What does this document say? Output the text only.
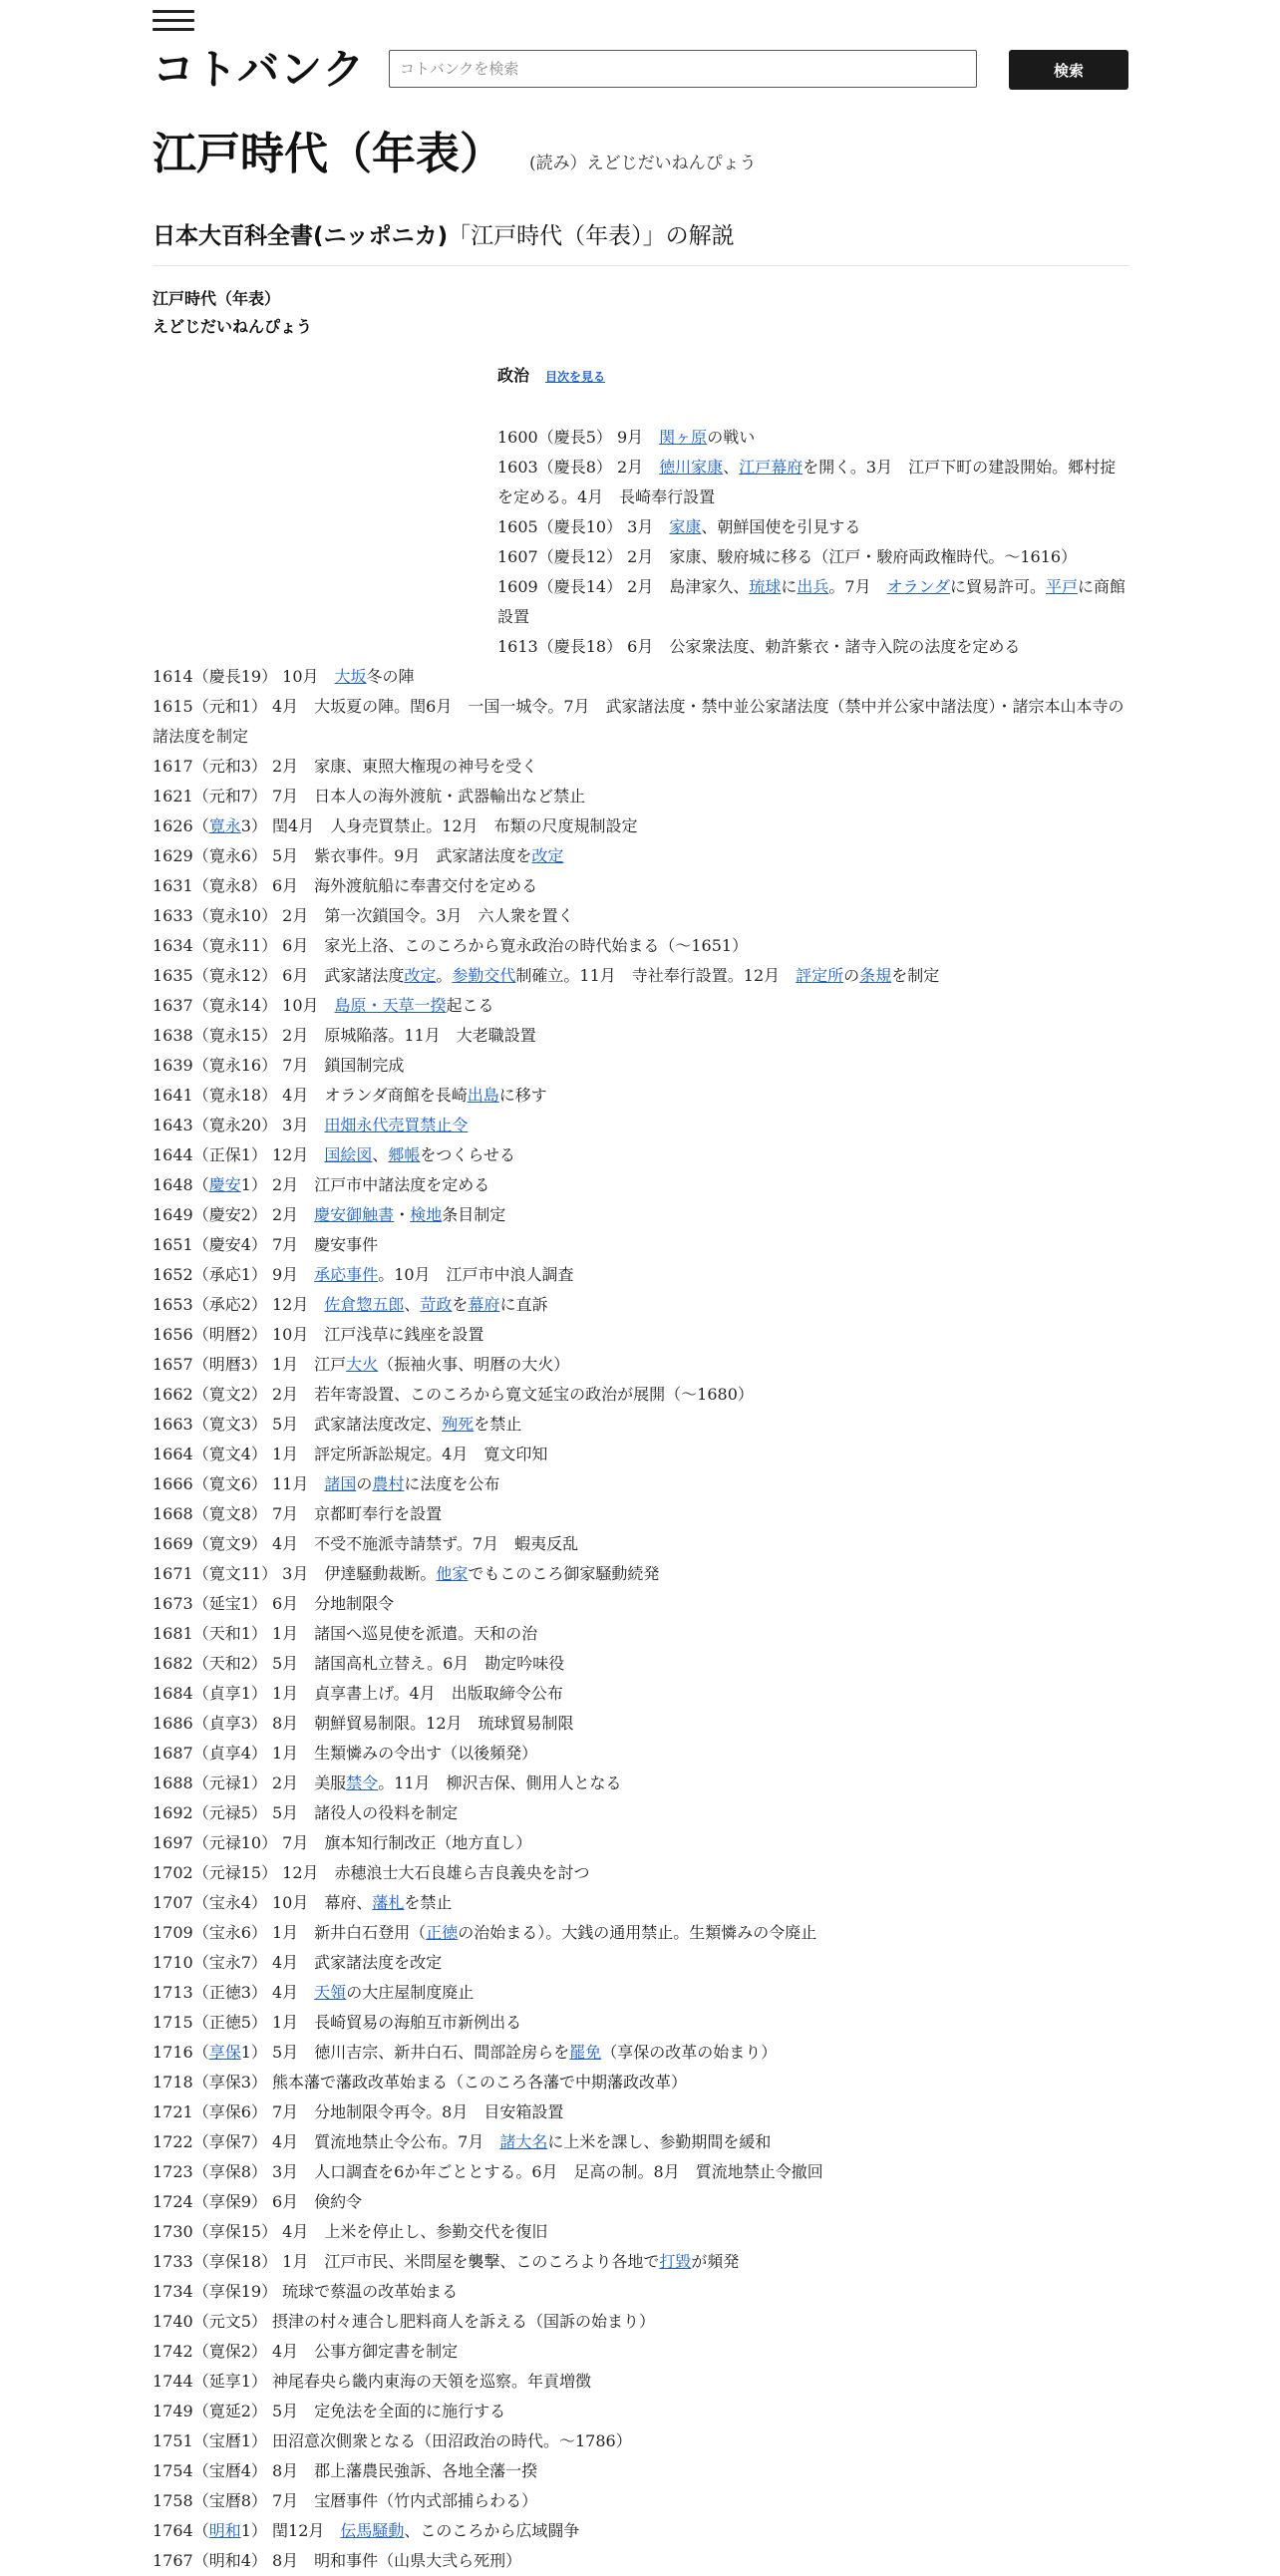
コトバンク
コトバンクを検索	検索
江戸時代（年表） (読み）えどじだいねんぴょう
日本大百科全書(ニッポニカ)「江戸時代（年表）」の解説
江戸時代（年表）
えどじだいねんぴょう
政治 目次を見る
1600（慶長5） 9月　関ヶ原の戦い
1603（慶長8） 2月　徳川家康、江戸幕府を開く。3月　江戸下町の建設開始。郷村掟を定める。4月　長崎奉行設置
1605（慶長10） 3月　家康、朝鮮国使を引見する
1607（慶長12） 2月　家康、駿府城に移る（江戸・駿府両政権時代。～1616）
1609（慶長14） 2月　島津家久、琉球に出兵。7月　オランダに貿易許可。平戸に商館設置
1613（慶長18） 6月　公家衆法度、勅許紫衣・諸寺入院の法度を定める
1614（慶長19） 10月　大坂冬の陣
1615（元和1） 4月　大坂夏の陣。閏6月　一国一城令。7月　武家諸法度・禁中並公家諸法度（禁中并公家中諸法度）・諸宗本山本寺の諸法度を制定
1617（元和3） 2月　家康、東照大権現の神号を受く
1621（元和7） 7月　日本人の海外渡航・武器輸出など禁止
1626（寛永3） 閏4月　人身売買禁止。12月　布類の尺度規制設定
1629（寛永6） 5月　紫衣事件。9月　武家諸法度を改定
1631（寛永8） 6月　海外渡航船に奉書交付を定める
1633（寛永10） 2月　第一次鎖国令。3月　六人衆を置く
1634（寛永11） 6月　家光上洛、このころから寛永政治の時代始まる（～1651）
1635（寛永12） 6月　武家諸法度改定。参勤交代制確立。11月　寺社奉行設置。12月　評定所の条規を制定
1637（寛永14） 10月　島原・天草一揆起こる
1638（寛永15） 2月　原城陥落。11月　大老職設置
1639（寛永16） 7月　鎖国制完成
1641（寛永18） 4月　オランダ商館を長崎出島に移す
1643（寛永20） 3月　田畑永代売買禁止令
1644（正保1） 12月　国絵図、郷帳をつくらせる
1648（慶安1） 2月　江戸市中諸法度を定める
1649（慶安2） 2月　慶安御触書・検地条目制定
1651（慶安4） 7月　慶安事件
1652（承応1） 9月　承応事件。10月　江戸市中浪人調査
1653（承応2） 12月　佐倉惣五郎、苛政を幕府に直訴
1656（明暦2） 10月　江戸浅草に銭座を設置
1657（明暦3） 1月　江戸大火（振袖火事、明暦の大火）
1662（寛文2） 2月　若年寄設置、このころから寛文延宝の政治が展開（～1680）
1663（寛文3） 5月　武家諸法度改定、殉死を禁止
1664（寛文4） 1月　評定所訴訟規定。4月　寛文印知
1666（寛文6） 11月　諸国の農村に法度を公布
1668（寛文8） 7月　京都町奉行を設置
1669（寛文9） 4月　不受不施派寺請禁ず。7月　蝦夷反乱
1671（寛文11） 3月　伊達騒動裁断。他家でもこのころ御家騒動続発
1673（延宝1） 6月　分地制限令
1681（天和1） 1月　諸国へ巡見使を派遣。天和の治
1682（天和2） 5月　諸国高札立替え。6月　勘定吟味役
1684（貞享1） 1月　貞享書上げ。4月　出版取締令公布
1686（貞享3） 8月　朝鮮貿易制限。12月　琉球貿易制限
1687（貞享4） 1月　生類憐みの令出す（以後頻発）
1688（元禄1） 2月　美服禁令。11月　柳沢吉保、側用人となる
1692（元禄5） 5月　諸役人の役料を制定
1697（元禄10） 7月　旗本知行制改正（地方直し）
1702（元禄15） 12月　赤穂浪士大石良雄ら吉良義央を討つ
1707（宝永4） 10月　幕府、藩札を禁止
1709（宝永6） 1月　新井白石登用（正徳の治始まる）。大銭の通用禁止。生類憐みの令廃止
1710（宝永7） 4月　武家諸法度を改定
1713（正徳3） 4月　天領の大庄屋制度廃止
1715（正徳5） 1月　長崎貿易の海舶互市新例出る
1716（享保1） 5月　徳川吉宗、新井白石、間部詮房らを罷免（享保の改革の始まり）
1718（享保3） 熊本藩で藩政改革始まる（このころ各藩で中期藩政改革）
1721（享保6） 7月　分地制限令再令。8月　目安箱設置
1722（享保7） 4月　質流地禁止令公布。7月　諸大名に上米を課し、参勤期間を緩和
1723（享保8） 3月　人口調査を6か年ごととする。6月　足高の制。8月　質流地禁止令撤回
1724（享保9） 6月　倹約令
1730（享保15） 4月　上米を停止し、参勤交代を復旧
1733（享保18） 1月　江戸市民、米問屋を襲撃、このころより各地で打毀が頻発
1734（享保19） 琉球で蔡温の改革始まる
1740（元文5） 摂津の村々連合し肥料商人を訴える（国訴の始まり）
1742（寛保2） 4月　公事方御定書を制定
1744（延享1） 神尾春央ら畿内東海の天領を巡察。年貢増徴
1749（寛延2） 5月　定免法を全面的に施行する
1751（宝暦1） 田沼意次側衆となる（田沼政治の時代。～1786）
1754（宝暦4） 8月　郡上藩農民強訴、各地全藩一揆
1758（宝暦8） 7月　宝暦事件（竹内式部捕らわる）
1764（明和1） 閏12月　伝馬騒動、このころから広域闘争
1767（明和4） 8月　明和事件（山県大弐ら死刑）
